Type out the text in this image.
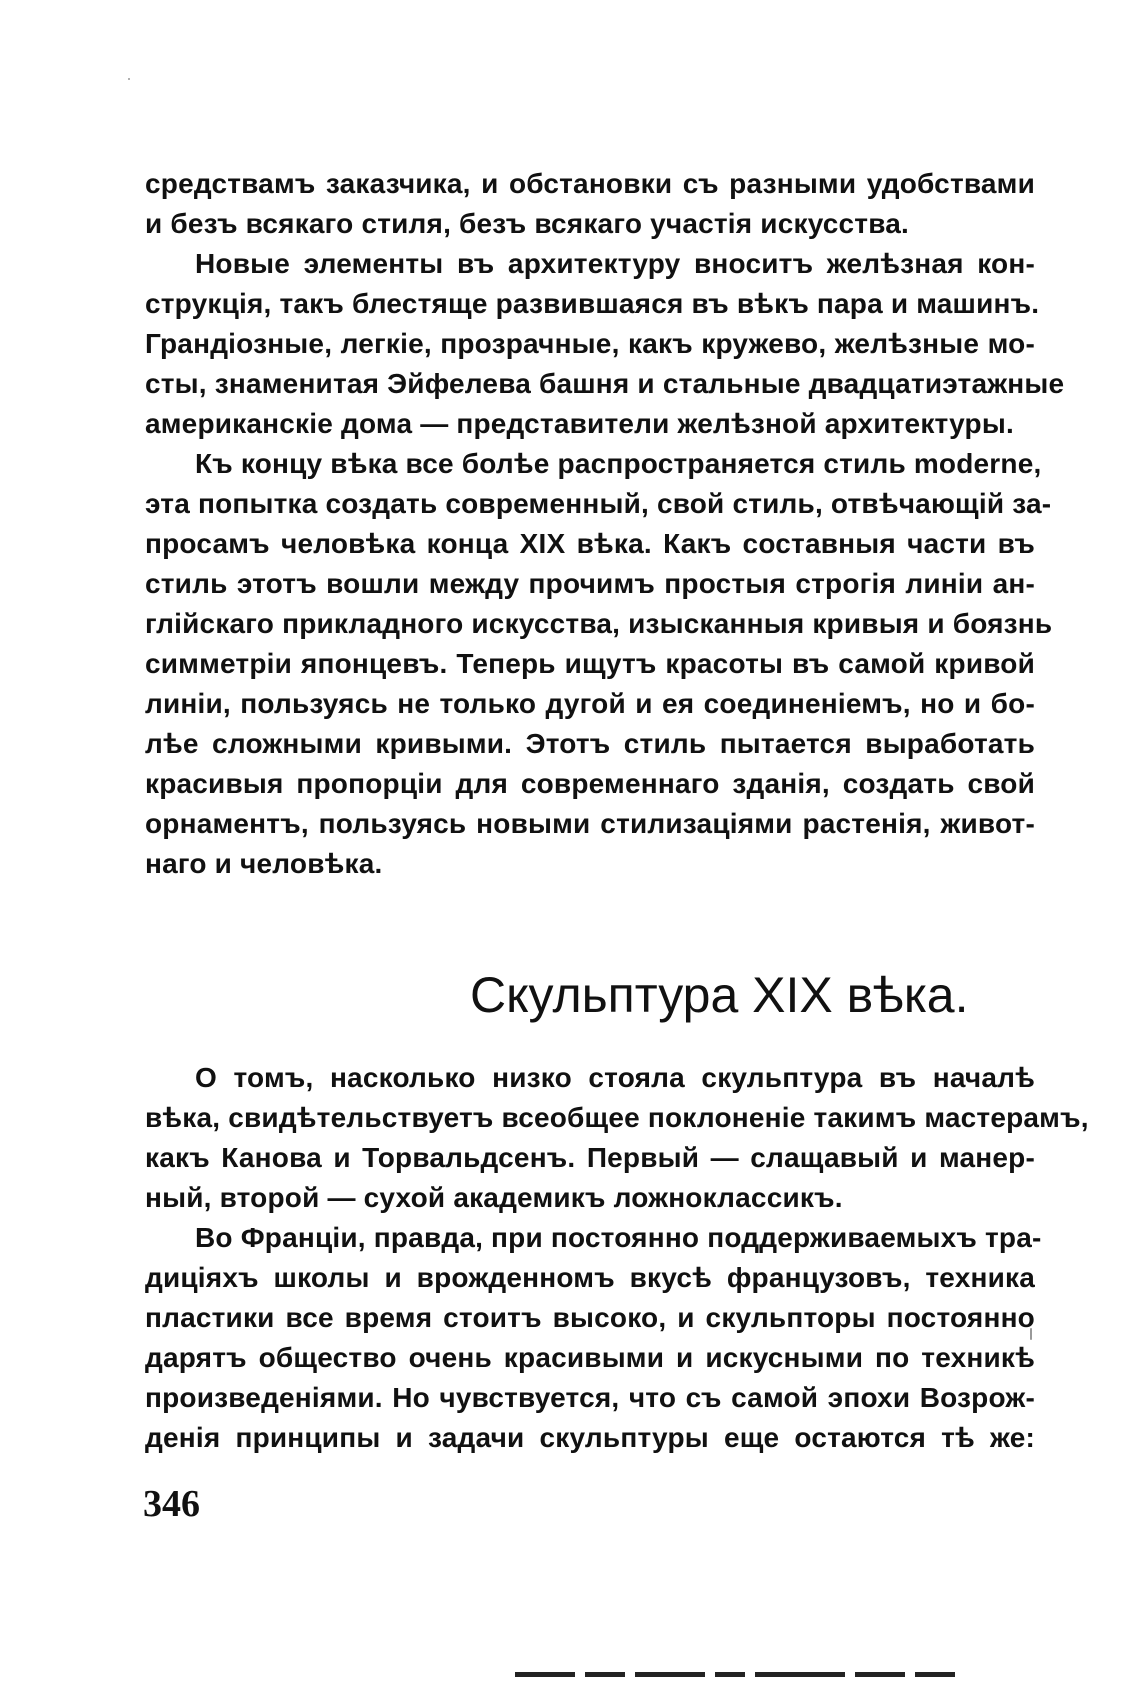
средствамъ заказчика, и обстановки съ разными удобствами
и безъ всякаго стиля, безъ всякаго участія искусства.
Новые элементы въ архитектуру вноситъ желѣзная кон-
струкція, такъ блестяще развившаяся въ вѣкъ пара и машинъ.
Грандіозные, легкіе, прозрачные, какъ кружево, желѣзные мо-
сты, знаменитая Эйфелева башня и стальные двадцатиэтажные
американскіе дома — представители желѣзной архитектуры.
Къ концу вѣка все болѣе распространяется стиль moderne,
эта попытка создать современный, свой стиль, отвѣчающій за-
просамъ человѣка конца XIX вѣка. Какъ составныя части въ
стиль этотъ вошли между прочимъ простыя строгія линіи ан-
глійскаго прикладного искусства, изысканныя кривыя и боязнь
симметріи японцевъ. Теперь ищутъ красоты въ самой кривой
линіи, пользуясь не только дугой и ея соединеніемъ, но и бо-
лѣе сложными кривыми. Этотъ стиль пытается выработать
красивыя пропорціи для современнаго зданія, создать свой
орнаментъ, пользуясь новыми стилизаціями растенія, живот-
наго и человѣка.
Скульптура XIX вѣка.
О томъ, насколько низко стояла скульптура въ началѣ
вѣка, свидѣтельствуетъ всеобщее поклоненіе такимъ мастерамъ,
какъ Канова и Торвальдсенъ. Первый — слащавый и манер-
ный, второй — сухой академикъ ложноклассикъ.
Во Франціи, правда, при постоянно поддерживаемыхъ тра-
диціяхъ школы и врожденномъ вкусѣ французовъ, техника
пластики все время стоитъ высоко, и скульпторы постоянно
дарятъ общество очень красивыми и искусными по техникѣ
произведеніями. Но чувствуется, что съ самой эпохи Возрож-
денія принципы и задачи скульптуры еще остаются тѣ же:
346
